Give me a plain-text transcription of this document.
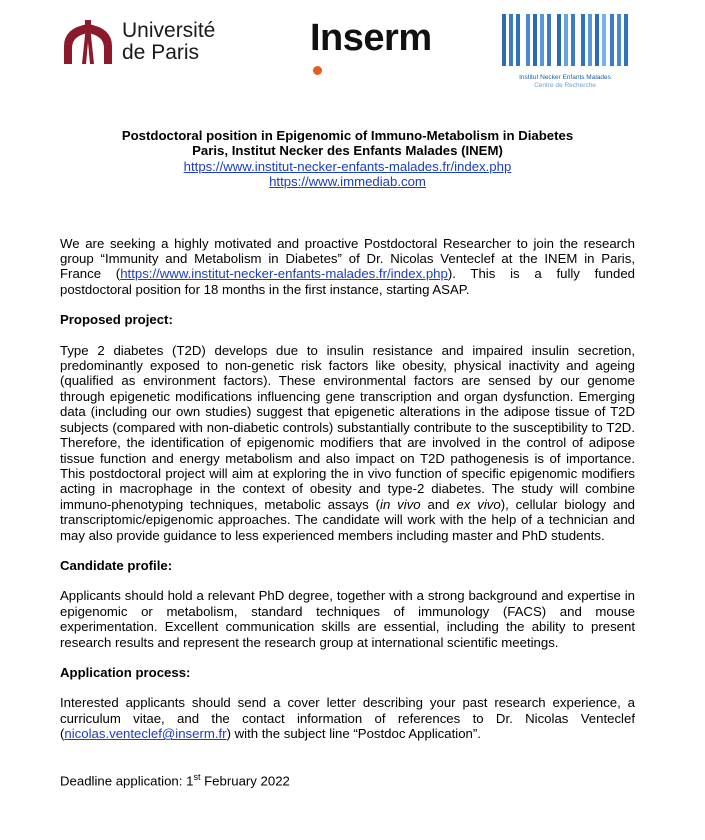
Université
de Paris	Inserm
Institut Necker Enfants Malades
Centre de Recherche
Postdoctoral position in Epigenomic of Immuno-Metabolism in Diabetes
Paris, Institut Necker des Enfants Malades (INEM)
https://www.institut-necker-enfants-malades.fr/index.php
https://www.immediab.com

We are seeking a highly motivated and proactive Postdoctoral Researcher to join the research group “Immunity and Metabolism in Diabetes” of Dr. Nicolas Venteclef at the INEM in Paris, France (https://www.institut-necker-enfants-malades.fr/index.php). This is a fully funded postdoctoral position for 18 months in the first instance, starting ASAP.

Proposed project:

Type 2 diabetes (T2D) develops due to insulin resistance and impaired insulin secretion, predominantly exposed to non-genetic risk factors like obesity, physical inactivity and ageing (qualified as environment factors). These environmental factors are sensed by our genome through epigenetic modifications influencing gene transcription and organ dysfunction. Emerging data (including our own studies) suggest that epigenetic alterations in the adipose tissue of T2D subjects (compared with non-diabetic controls) substantially contribute to the susceptibility to T2D. Therefore, the identification of epigenomic modifiers that are involved in the control of adipose tissue function and energy metabolism and also impact on T2D pathogenesis is of importance. This postdoctoral project will aim at exploring the in vivo function of specific epigenomic modifiers acting in macrophage in the context of obesity and type-2 diabetes. The study will combine immuno-phenotyping techniques, metabolic assays (in vivo and ex vivo), cellular biology and transcriptomic/epigenomic approaches. The candidate will work with the help of a technician and may also provide guidance to less experienced members including master and PhD students.

Candidate profile:

Applicants should hold a relevant PhD degree, together with a strong background and expertise in epigenomic or metabolism, standard techniques of immunology (FACS) and mouse experimentation. Excellent communication skills are essential, including the ability to present research results and represent the research group at international scientific meetings.

Application process:

Interested applicants should send a cover letter describing your past research experience, a curriculum vitae, and the contact information of references to Dr. Nicolas Venteclef (nicolas.venteclef@inserm.fr) with the subject line “Postdoc Application”.

Deadline application: 1st February 2022
